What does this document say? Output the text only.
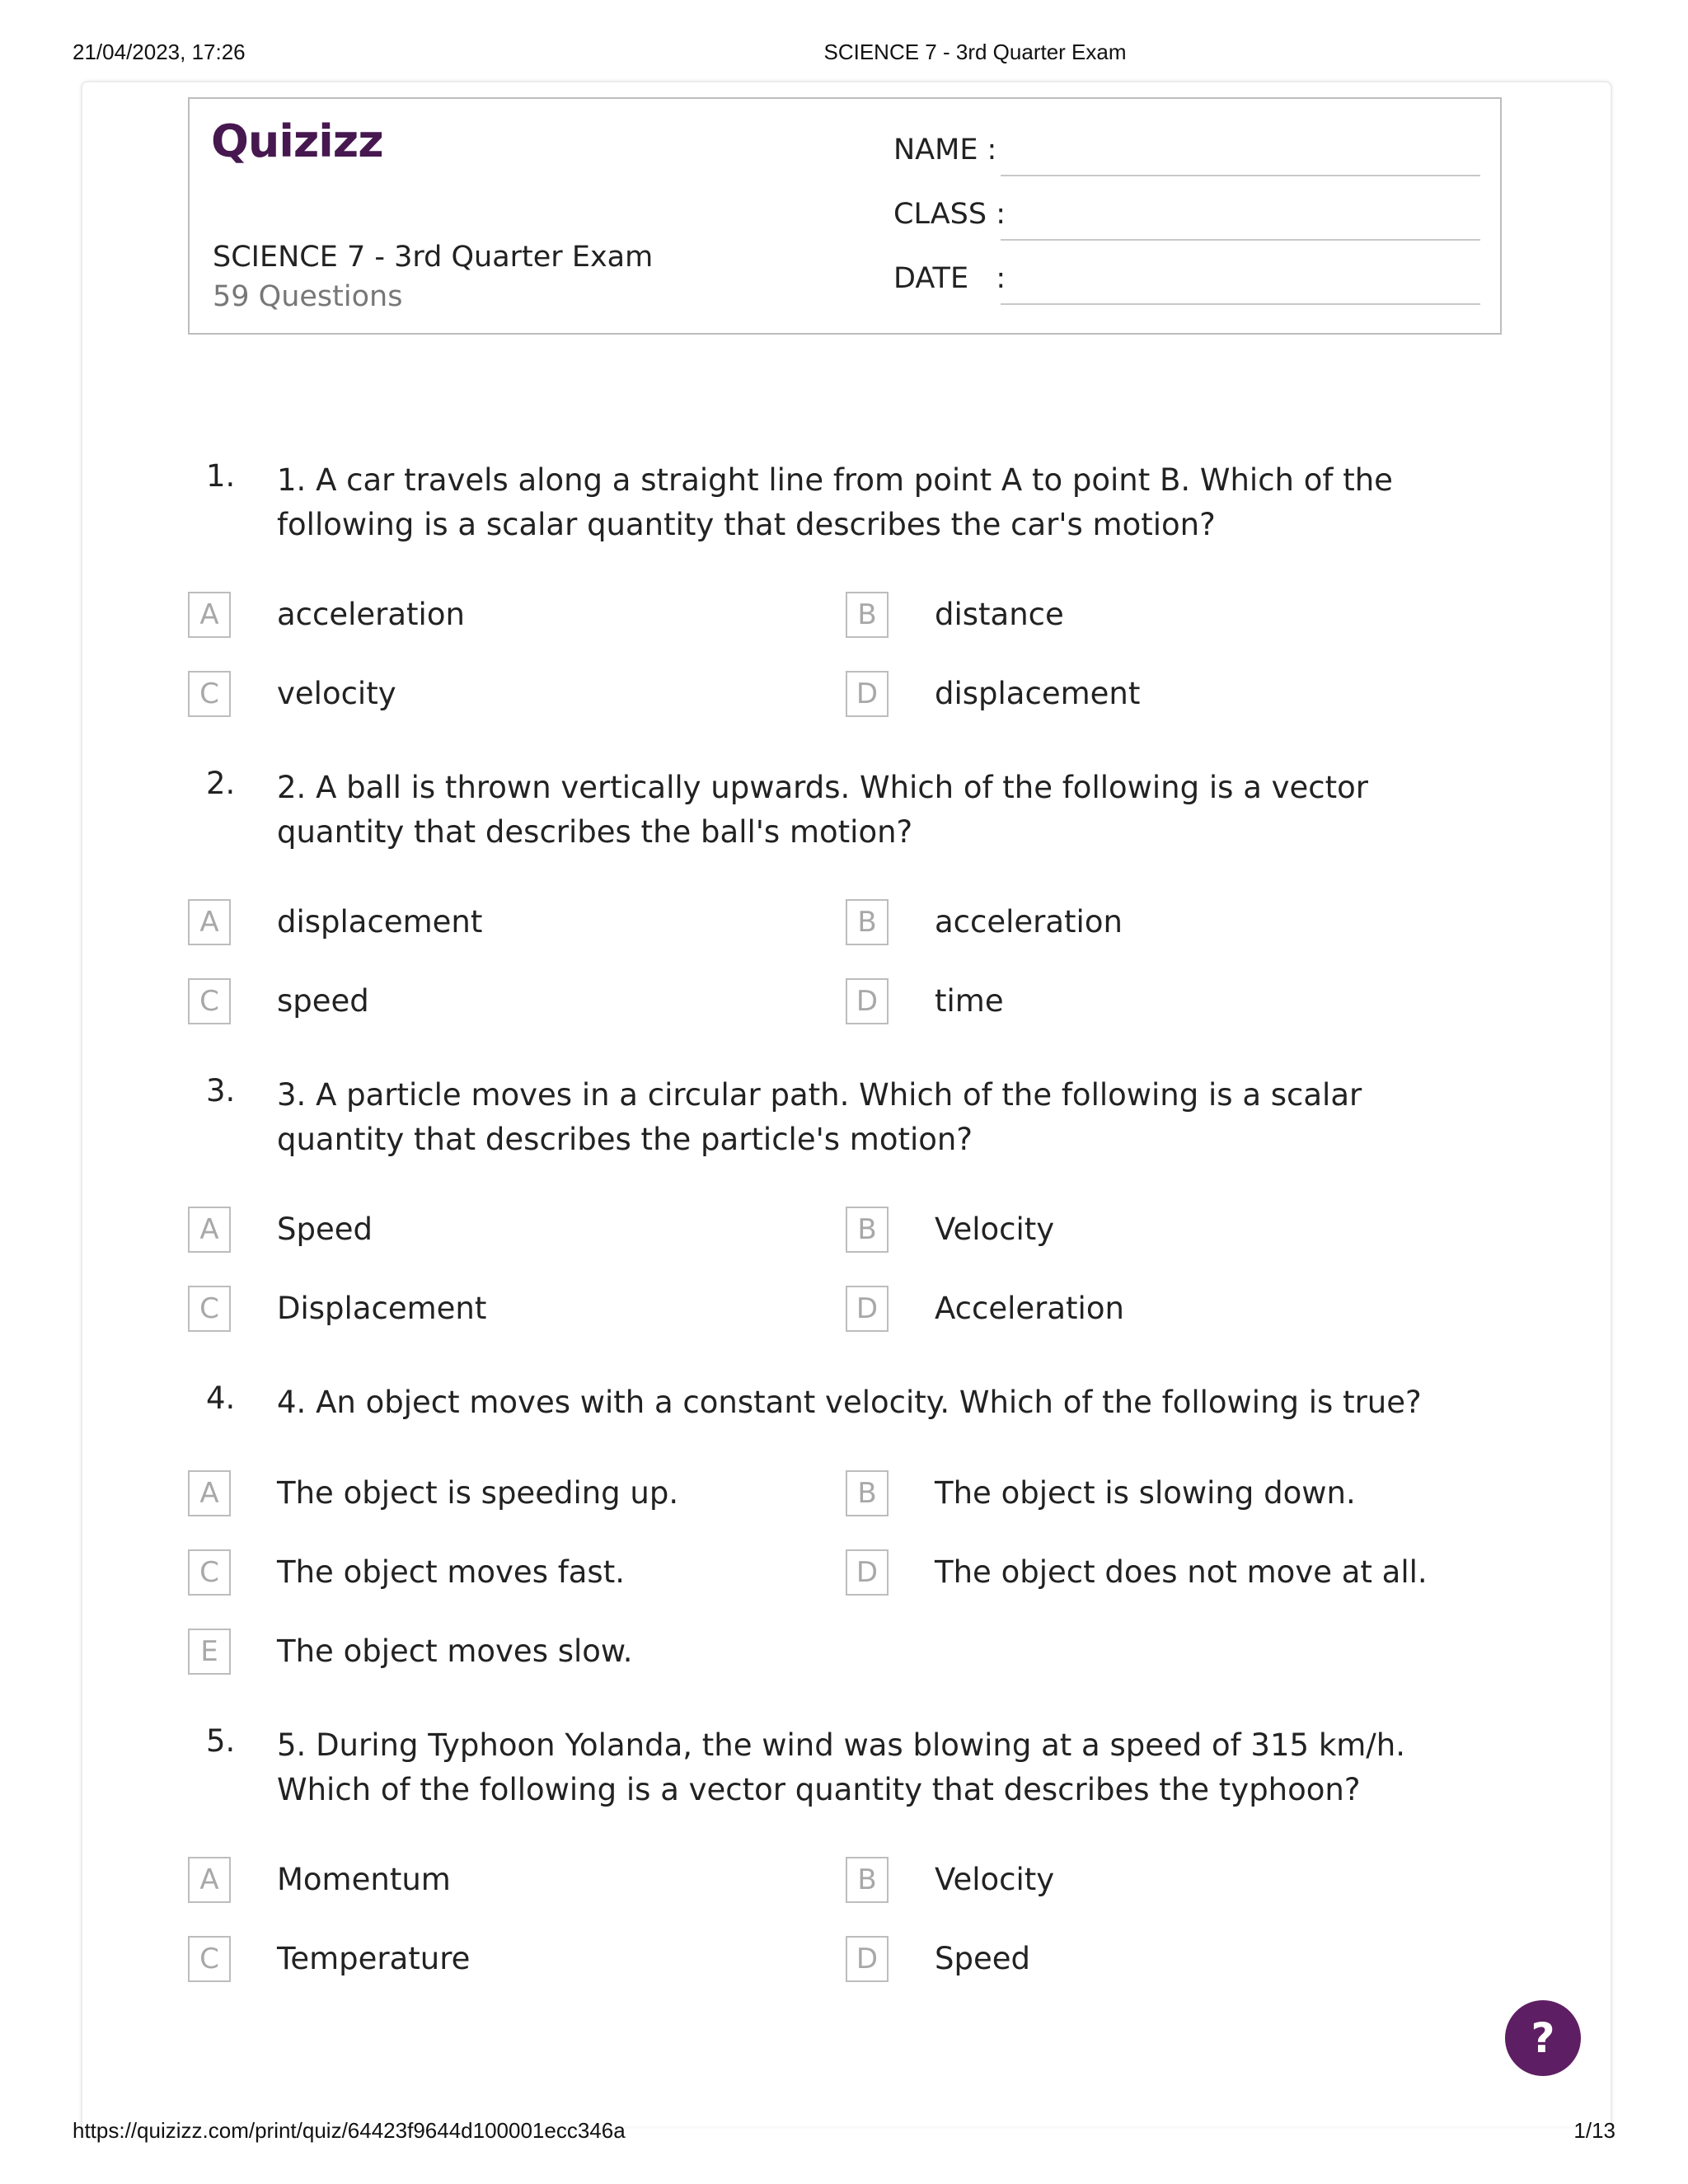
21/04/2023, 17:26	SCIENCE 7 - 3rd Quarter Exam
Quizizz
SCIENCE 7 - 3rd Quarter Exam
59 Questions
NAME :
CLASS :
DATE   :
1. 1. A car travels along a straight line from point A to point B. Which of the following is a scalar quantity that describes the car's motion?
A	acceleration	B	distance
C	velocity	D	displacement
2. 2. A ball is thrown vertically upwards. Which of the following is a vector quantity that describes the ball's motion?
A	displacement	B	acceleration
C	speed	D	time
3. 3. A particle moves in a circular path. Which of the following is a scalar quantity that describes the particle's motion?
A	Speed	B	Velocity
C	Displacement	D	Acceleration
4. 4. An object moves with a constant velocity. Which of the following is true?
A	The object is speeding up.	B	The object is slowing down.
C	The object moves fast.	D	The object does not move at all.
E	The object moves slow.
5. 5. During Typhoon Yolanda, the wind was blowing at a speed of 315 km/h. Which of the following is a vector quantity that describes the typhoon?
A	Momentum	B	Velocity
C	Temperature	D	Speed
?
https://quizizz.com/print/quiz/64423f9644d100001ecc346a	1/13
